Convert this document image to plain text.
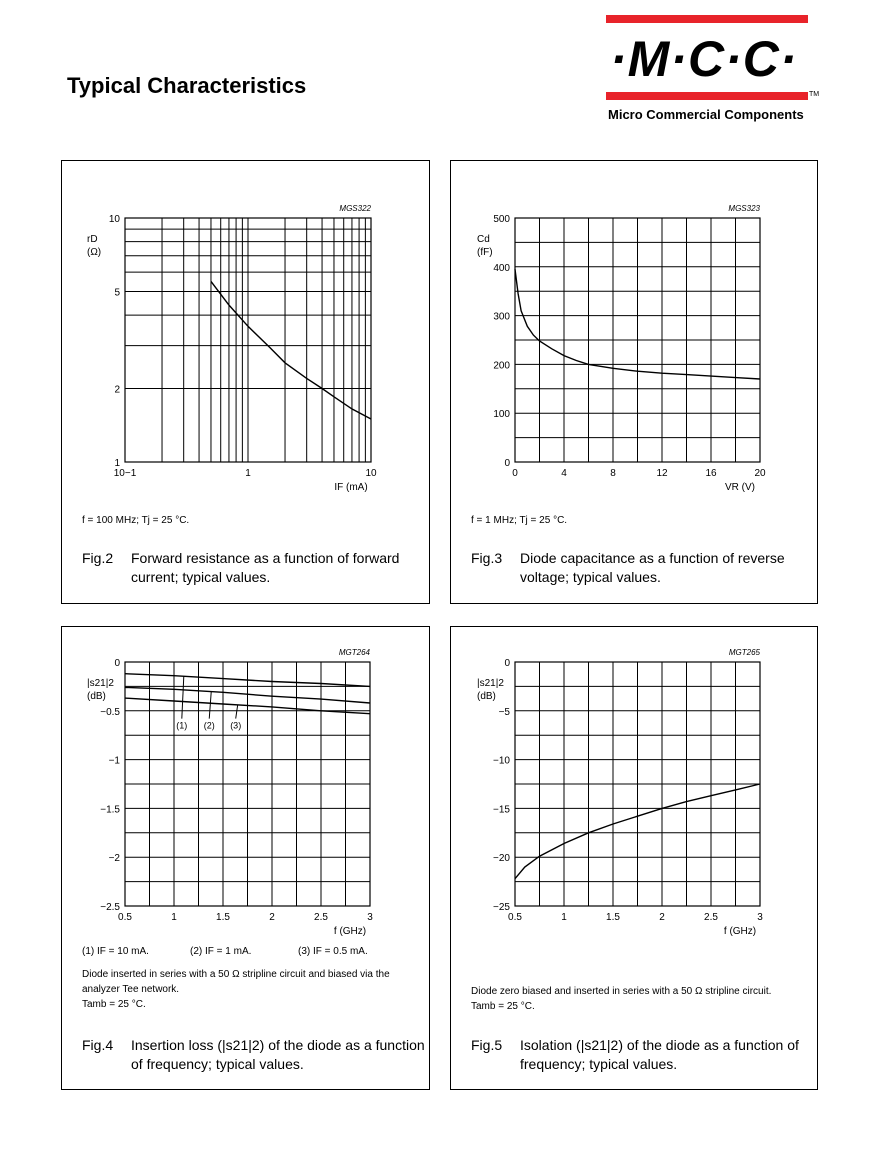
Typical Characteristics	·M·C·C·
TM
Micro Commercial Components
MGS322
10−1	1	10
1
2
5
10
IF (mA)
rD
(Ω)
f = 100 MHz; Tj = 25 °C.
Fig.2	Forward resistance as a function of forward current; typical values.
MGS323
0	4	8	12	16	20
0
100
200
300
400
500
VR (V)
Cd
(fF)
f = 1 MHz; Tj = 25 °C.
Fig.3	Diode capacitance as a function of reverse voltage; typical values.
MGT264
0.5	1	1.5	2	2.5	3
−2.5
−2
−1.5
−1
−0.5
0
f (GHz)
|s21|2
(dB)
(1) (2) (3)
(1) IF = 10 mA.	(2) IF = 1 mA.	(3) IF = 0.5 mA.
Diode inserted in series with a 50 Ω stripline circuit and biased via the analyzer Tee network.
Tamb = 25 °C.
Fig.4	Insertion loss (|s21|2) of the diode as a function of frequency; typical values.
MGT265
0.5	1	1.5	2	2.5	3
−25
−20
−15
−10
−5
0
f (GHz)
|s21|2
(dB)
Diode zero biased and inserted in series with a 50 Ω stripline circuit.
Tamb = 25 °C.
Fig.5	Isolation (|s21|2) of the diode as a function of frequency; typical values.
